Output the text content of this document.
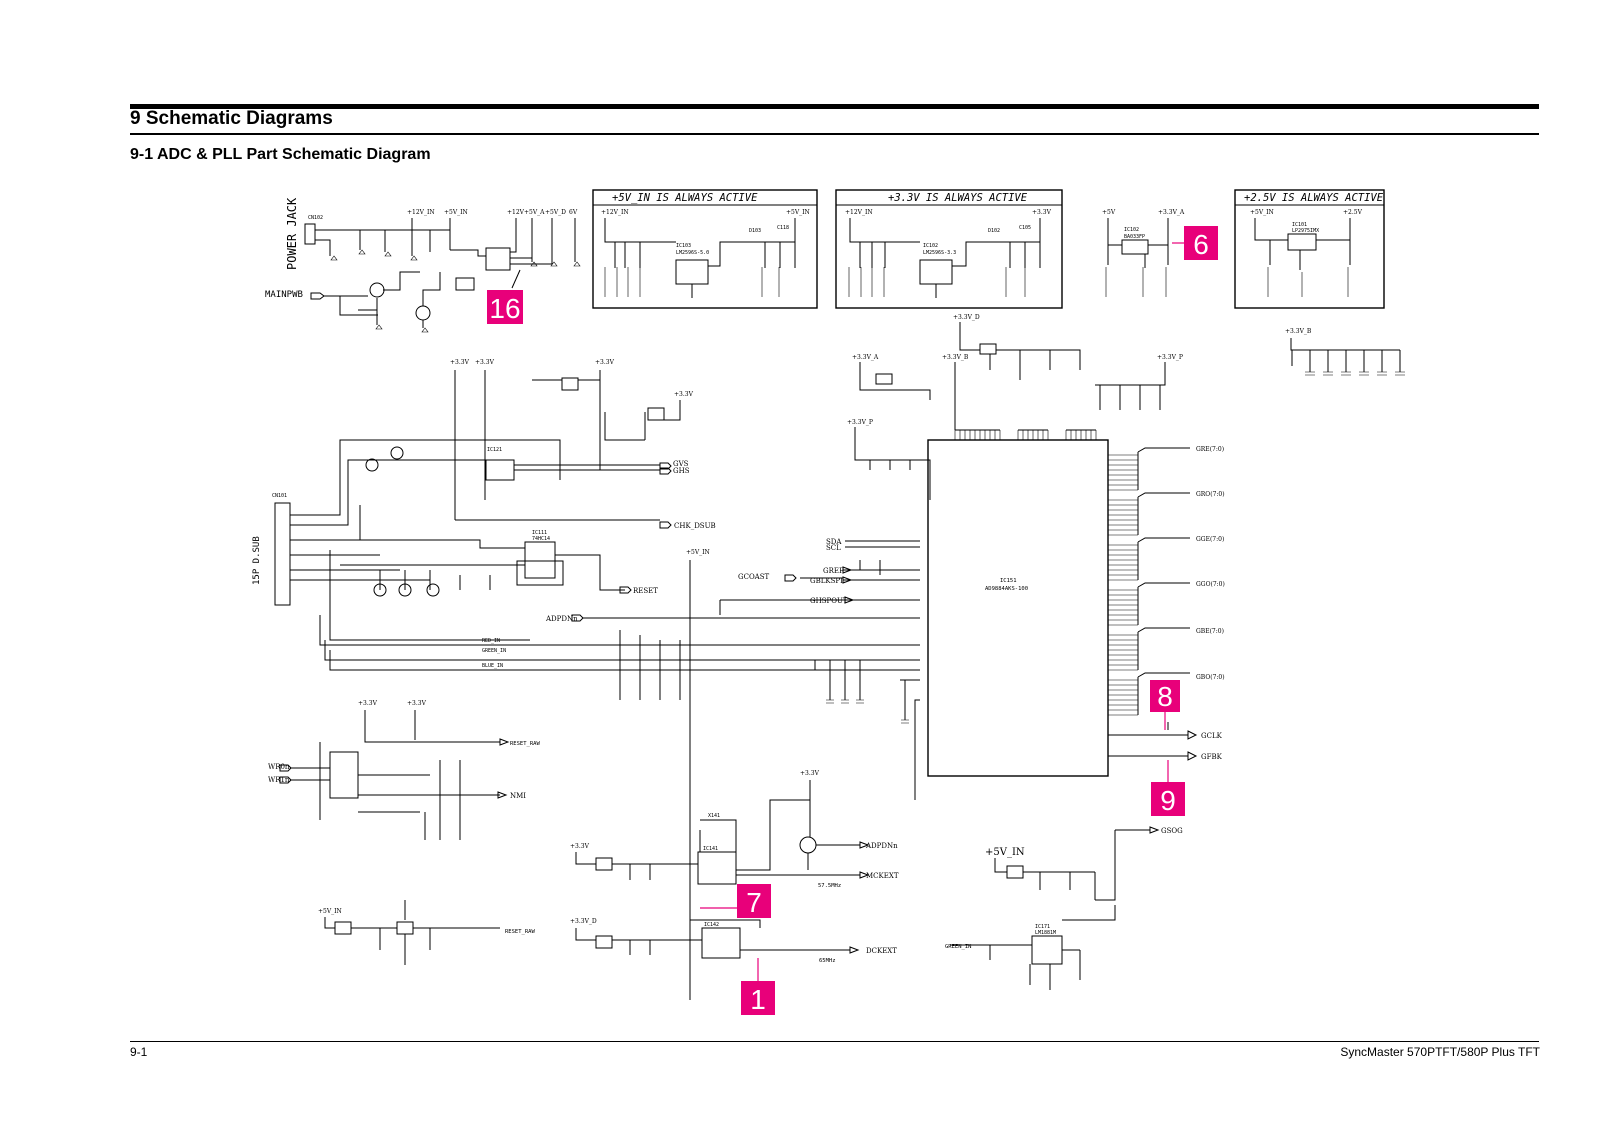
9 Schematic Diagrams
9-1 ADC & PLL Part Schematic Diagram
POWER JACK
MAINPWB
CN102
+12V_IN +5V_IN	+12V +5V_A +5V_D 6V
+5V_IN IS ALWAYS ACTIVE
+12V_IN	+5V_IN
IC103
LM2596S-5.0
D103	C118
+3.3V IS ALWAYS ACTIVE
+12V_IN	+3.3V
IC102
LM2596S-3.3
D102	C105
+5V	+3.3V_A
IC102
BA033FP
+2.5V IS ALWAYS ACTIVE
+5V_IN	+2.5V
IC101
LP2975IMX
+3.3V_B
15P D.SUB
CN101
IC121
IC111
74HC14
+3.3V +3.3V	+3.3V
+3.3V
+5V_IN
GVS
GHS
CHK_DSUB
RESET
ADPDNn
RED_IN
GREEN_IN
BLUE_IN
IC151
AD9884AKS-100
GRE(7:0)
GRO(7:0)
GGE(7:0)
GGO(7:0)
GBE(7:0)
GBO(7:0)
GCLK
GFBK
SDA
SCL
GCOAST
GREF
GBLKSPL
GHSPOUT
+3.3V_D
+3.3V_B
+3.3V_A	+3.3V_P
+3.3V_P
+3.3V	+3.3V
WR0n
WR1n
RESET_RAW
NMI
+5V_IN
RESET_RAW
+3.3V
+3.3V
+3.3V_D
X141
IC141
IC142
ADPDNn
MCKEXT
DCKEXT
57.5MHz
65MHz
+5V_IN
IC171
LM1881M
GSOG
GREEN_IN
16
6
7
8
9
1
9-1	SyncMaster 570PTFT/580P Plus TFT
